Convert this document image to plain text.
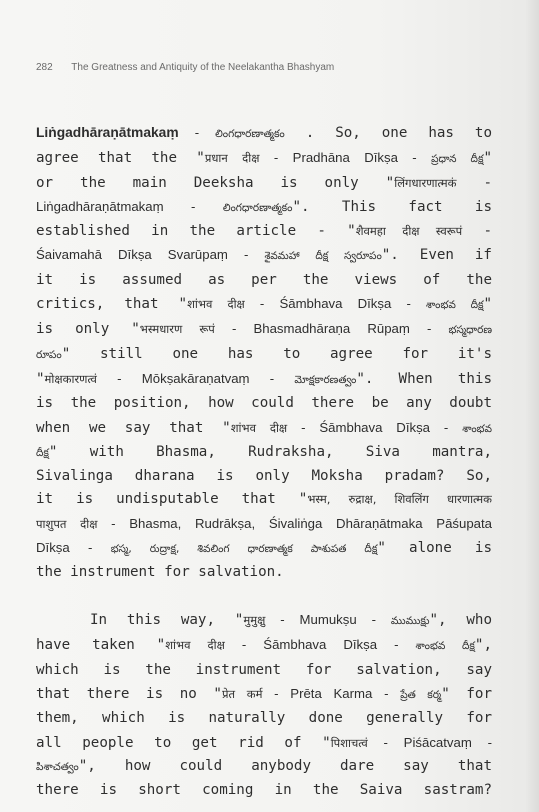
282 The Greatness and Antiquity of the Neelakantha Bhashyam

Liṅgadhāraṇātmakaṃ - లింగధారణాత్మకం . So, one has to
agree that the "प्रधान दीक्ष - Pradhāna Dīkṣa - ప్రధాన దీక్ష"
or the main Deeksha is only "लिंगधारणात्मकं -
Liṅgadhāraṇātmakaṃ - లింగధారణాత్మకం". This fact is
established in the article - "शैवमहा दीक्ष स्वरूपं -
Śaivamahā Dīkṣa Svarūpaṃ - శైవమహా దీక్ష స్వరూపం". Even if
it is assumed as per the views of the
critics, that "शांभव दीक्ष - Śāmbhava Dīkṣa - శాంభవ దీక్ష"
is only "भस्मधारण रूपं - Bhasmadhāraṇa Rūpaṃ - భస్మధారణ
రూపం" still one has to agree for it's
"मोक्षकारणत्वं - Mōkṣakāraṇatvaṃ - మోక్షకారణత్వం". When this
is the position, how could there be any doubt
when we say that "शांभव दीक्ष - Śāmbhava Dīkṣa - శాంభవ
దీక్ష" with Bhasma, Rudraksha, Siva mantra,
Sivalinga dharana is only Moksha pradam? So,
it is undisputable that "भस्म, रुद्राक्ष, शिवलिंग धारणात्मक
पाशुपत दीक्ष - Bhasma, Rudrākṣa, Śivaliṅga Dhāraṇātmaka Pāśupata
Dīkṣa - భస్మ, రుద్రాక్ష, శివలింగ ధారణాత్మక పాశుపత దీక్ష" alone is
the instrument for salvation.

In this way, "मुमुक्षु - Mumukṣu - ముముక్షు", who
have taken "शांभव दीक्ष - Śāmbhava Dīkṣa - శాంభవ దీక్ష",
which is the instrument for salvation, say
that there is no "प्रेत कर्म - Prēta Karma - ప్రేత కర్మ" for
them, which is naturally done generally for
all people to get rid of "पिशाचत्वं - Piśācatvaṃ -
పిశాచత్వం", how could anybody dare say that
there is short coming in the Saiva sastram?
